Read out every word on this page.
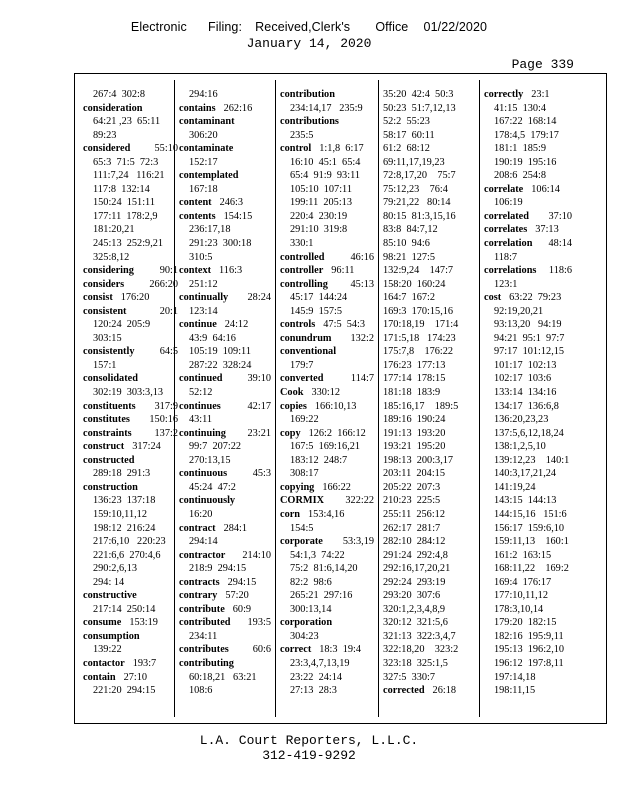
Electronic Filing: Received,Clerk's Office 01/22/2020
January 14, 2020
Page 339
267:4  302:8
consideration
64:21 ,23  65:11
89:23
considered 55:10
65:3  71:5  72:3
111:7,24   116:21
117:8  132:14
150:24  151:11
177:11  178:2,9
181:20,21
245:13  252:9,21
325:8,12
considering	90:1
considers 266:20
consist 176:20
consistent	20:1
120:24  205:9
303:15
consistently 64:5
157:1
consolidated
302:19  303:3,13
constituents 317:9
constitutes 150:16
constraints 137:2
construct 317:24
constructed
289:18  291:3
construction
136:23  137:18
159:10,11,12
198:12  216:24
217:6,10   220:23
221:6,6  270:4,6
290:2,6,13
294: 14
constructive
217:14  250:14
consume 153:19
consumption
139:22
contactor 193:7
contain 27:10
221:20  294:15
294:16
contains 262:16
contaminant
306:20
contaminate
152:17
contemplated
167:18
content 246:3
contents 154:15
236:17,18
291:23  300:18
310:5
context 116:3
251:12
continually 28:24
123:14
continue 24:12
43:9  64:16
105:19  109:11
287:22  328:24
continued 39:10
52:12
continues	42:17
43:11
continuing 23:21
99:7  207:22
270:13,15
continuous 45:3
45:24  47:2
continuously
16:20
contract 284:1
294:14
contractor 214:10
218:9  294:15
contracts 294:15
contrary 57:20
contribute 60:9
contributed 193:5
234:11
contributes 60:6
contributing
60:18,21   63:21
108:6
contribution
234:14,17   235:9
contributions
235:5
control 1:1,8  6:17
16:10  45:1  65:4
65:4  91:9  93:11
105:10  107:11
199:11  205:13
220:4  230:19
291:10  319:8
330:1
controlled	46:16
controller 96:11
controlling 45:13
45:17  144:24
145:9  157:5
controls 47:5  54:3
conundrum 132:2
conventional
179:7
converted	114:7
Cook 330:12
copies 166:10,13
169:22
copy 126:2  166:12
167:5  169:16,21
183:12  248:7
308:17
copying 166:22
CORMIX 322:22
corn 153:4,16
154:5
corporate 53:3,19
54:1,3  74:22
75:2  81:6,14,20
82:2  98:6
265:21  297:16
300:13,14
corporation
304:23
correct 18:3  19:4
23:3,4,7,13,19
23:22  24:14
27:13  28:3
35:20  42:4  50:3
50:23  51:7,12,13
52:2  55:23
58:17  60:11
61:2  68:12
69:11,17,19,23
72:8,17,20    75:7
75:12,23    76:4
79:21,22   80:14
80:15  81:3,15,16
83:8  84:7,12
85:10  94:6
98:21  127:5
132:9,24    147:7
158:20  160:24
164:7  167:2
169:3  170:15,16
170:18,19    171:4
171:5,18   174:23
175:7,8    176:22
176:23  177:13
177:14  178:15
181:18  183:9
185:16,17    189:5
189:16  190:24
191:13  193:20
193:21  195:20
198:13  200:3,17
203:11  204:15
205:22  207:3
210:23  225:5
255:11  256:12
262:17  281:7
282:10  284:12
291:24  292:4,8
292:16,17,20,21
292:24  293:19
293:20  307:6
320:1,2,3,4,8,9
320:12  321:5,6
321:13  322:3,4,7
322:18,20    323:2
323:18  325:1,5
327:5  330:7
corrected 26:18
correctly 23:1
41:15  130:4
167:22  168:14
178:4,5  179:17
181:1  185:9
190:19  195:16
208:6  254:8
correlate 106:14
106:19
correlated 37:10
correlates 37:13
correlation 48:14
118:7
correlations 118:6
123:1
cost 63:22  79:23
92:19,20,21
93:13,20   94:19
94:21  95:1  97:7
97:17  101:12,15
101:17  102:13
102:17  103:6
133:14  134:16
134:17  136:6,8
136:20,23,23
137:5,6,12,18,24
138:1,2,5,10
139:12,23    140:1
140:3,17,21,24
141:19,24
143:15  144:13
144:15,16   151:6
156:17  159:6,10
159:11,13    160:1
161:2  163:15
168:11,22    169:2
169:4  176:17
177:10,11,12
178:3,10,14
179:20  182:15
182:16  195:9,11
195:13  196:2,10
196:12  197:8,11
197:14,18
198:11,15
L.A. Court Reporters, L.L.C.
312-419-9292
